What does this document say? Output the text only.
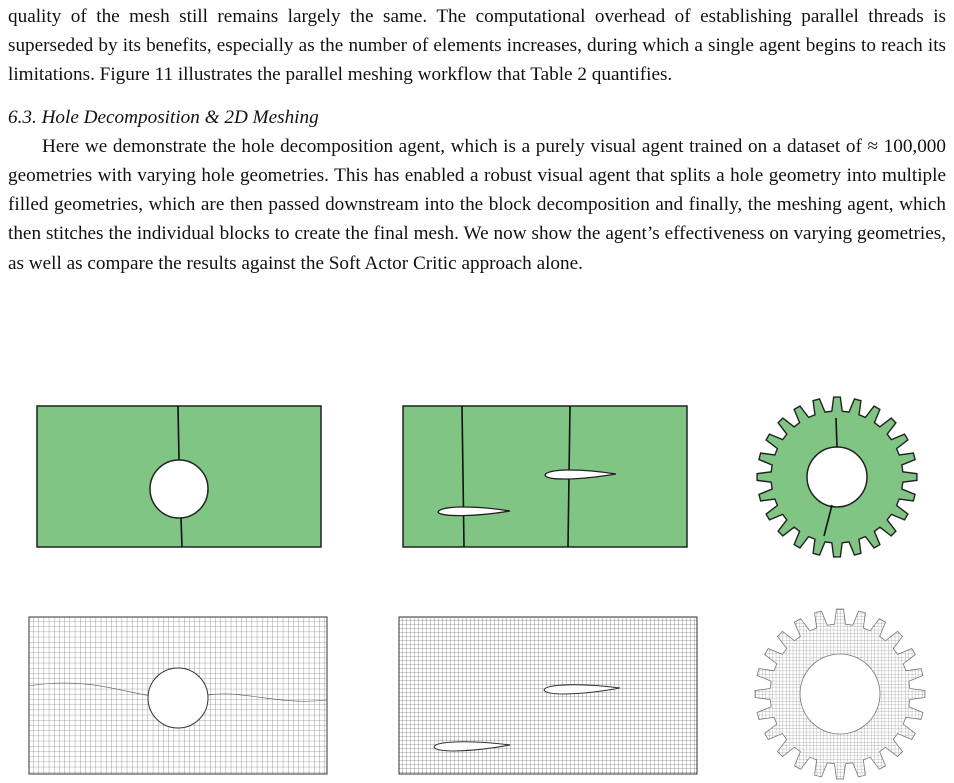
quality of the mesh still remains largely the same. The computational overhead of establishing parallel threads is superseded by its benefits, especially as the number of elements increases, during which a single agent begins to reach its limitations. Figure 11 illustrates the parallel meshing workflow that Table 2 quantifies.

6.3. Hole Decomposition & 2D Meshing

Here we demonstrate the hole decomposition agent, which is a purely visual agent trained on a dataset of ≈ 100,000 geometries with varying hole geometries. This has enabled a robust visual agent that splits a hole geometry into multiple filled geometries, which are then passed downstream into the block decomposition and finally, the meshing agent, which then stitches the individual blocks to create the final mesh. We now show the agent’s effectiveness on varying geometries, as well as compare the results against the Soft Actor Critic approach alone.
